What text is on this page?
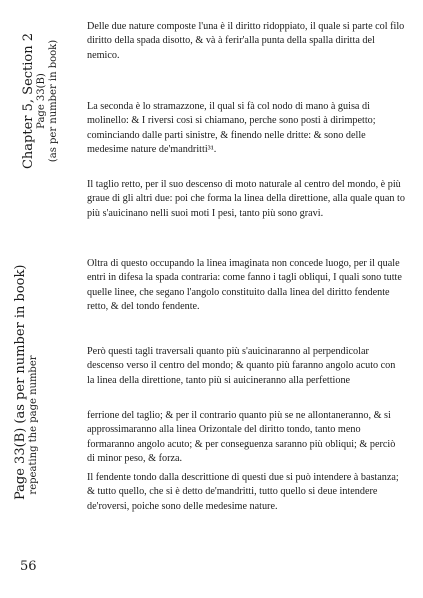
Chapter 5, Section 2 Page 33(B) (as per number in book)
Page 33(B) (as per number in book) repeating the page number

Delle due nature composte l'una è il diritto ridoppiato, il quale si parte col filo diritto della spada disotto, & và à ferir'alla punta della spalla diritta del nemico.

La seconda è lo stramazzone, il qual si fà col nodo di mano à guisa di molinello: & I riversi così si chiamano, perche sono posti à dirimpetto; cominciando dalle parti sinistre, & finendo nelle dritte: & sono delle medesime nature de'mandritti³¹.

Il taglio retto, per il suo descenso di moto naturale al centro del mondo, è più graue di gli altri due: poi che forma la linea della direttione, alla quale quan to più s'auicinano nelli suoi moti I pesi, tanto più sono gravi.

Oltra di questo occupando la linea imaginata non concede luogo, per il quale entri in difesa la spada contraria: come fanno i tagli obliqui, I quali sono tutte quelle linee, che segano l'angolo constituito dalla linea del diritto fendente retto, & del tondo fendente.

Però questi tagli traversali quanto più s'auicinaranno al perpendicolar descenso verso il centro del mondo; & quanto più faranno angolo acuto con la linea della direttione, tanto più si auicineranno alla perfettione

ferrione del taglio; & per il contrario quanto più se ne allontaneranno, & si approssimaranno alla linea Orizontale del diritto tondo, tanto meno formaranno angolo acuto; & per conseguenza saranno più obliqui; & perciò di minor peso, & forza.

Il fendente tondo dalla descrittione di questi due si può intendere à bastanza; & tutto quello, che si è detto de'mandritti, tutto quello si deue intendere de'roversi, poiche sono delle medesime nature.

56
